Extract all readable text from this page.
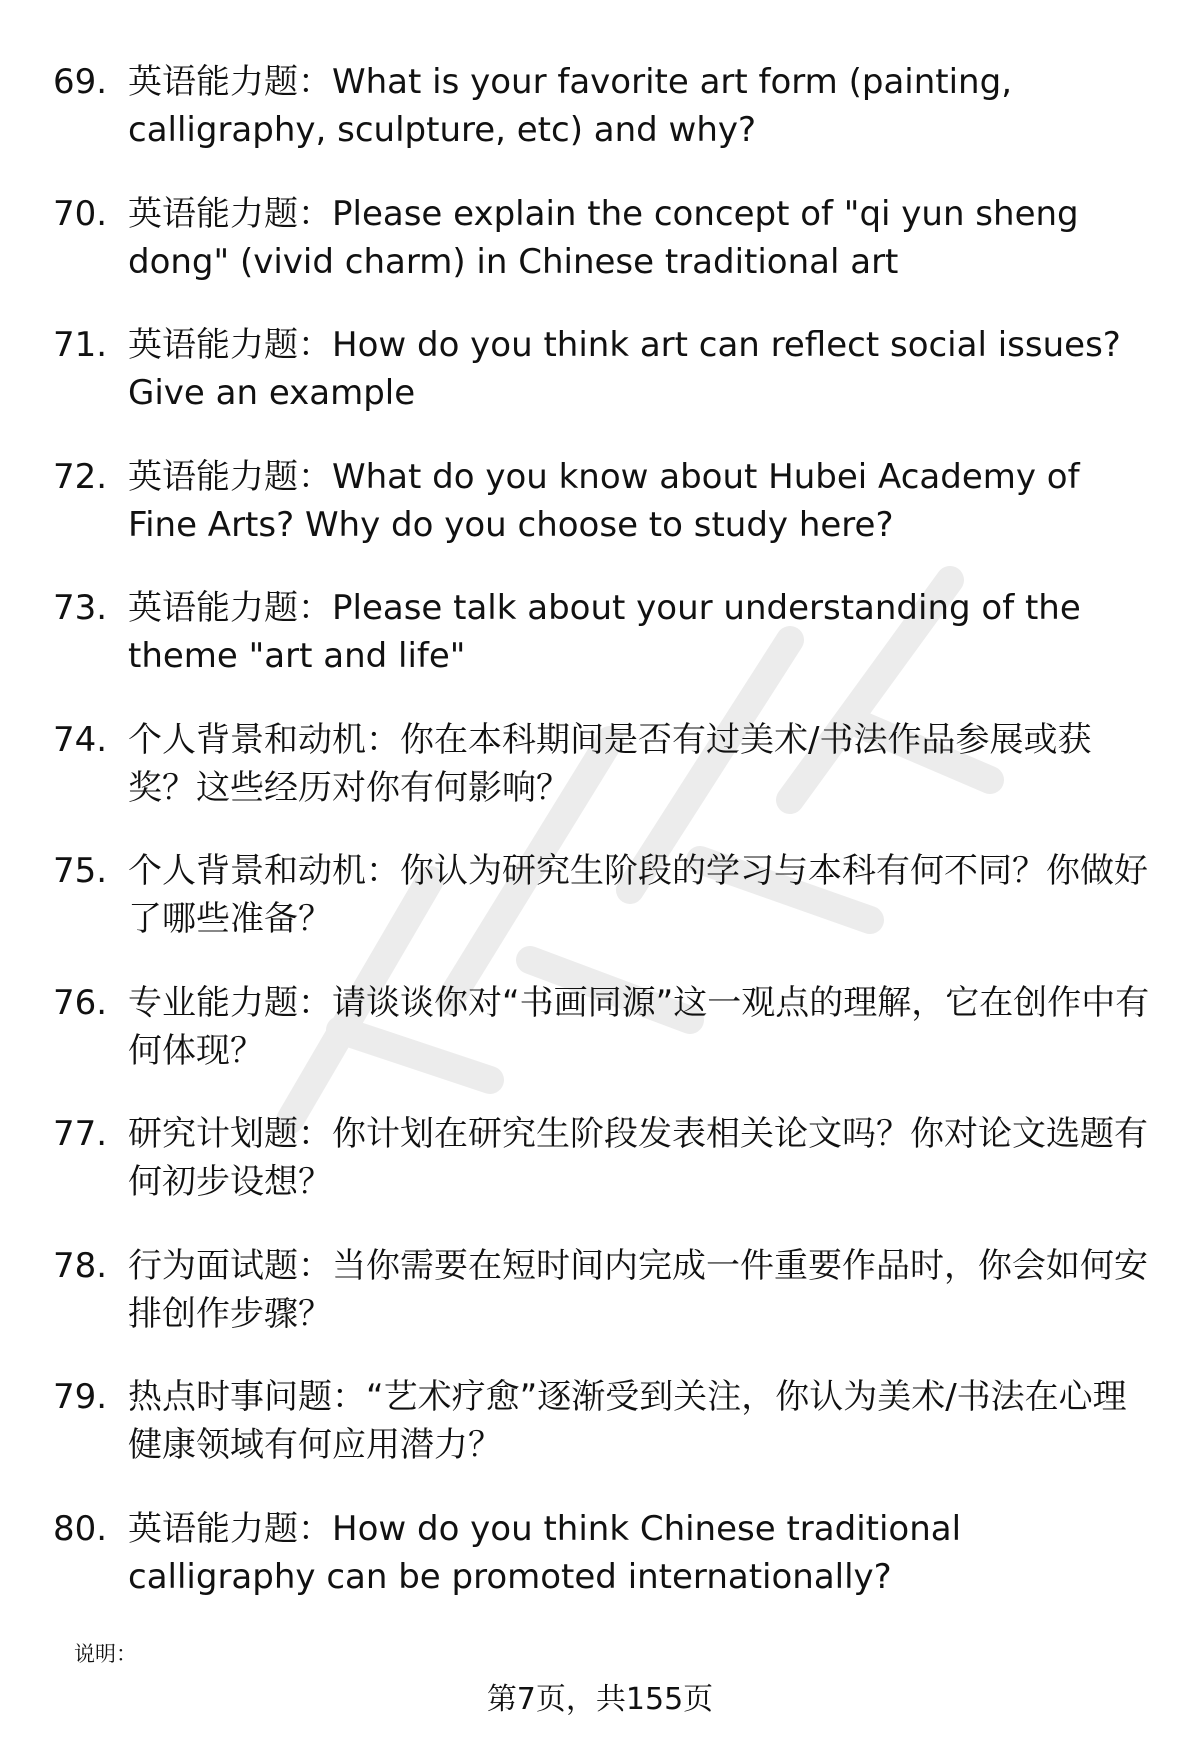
69. 英语能力题：What is your favorite art form (painting, calligraphy, sculpture, etc) and why?
70. 英语能力题：Please explain the concept of "qi yun sheng dong" (vivid charm) in Chinese traditional art
71. 英语能力题：How do you think art can reflect social issues? Give an example
72. 英语能力题：What do you know about Hubei Academy of Fine Arts? Why do you choose to study here?
73. 英语能力题：Please talk about your understanding of the theme "art and life"
74. 个人背景和动机：你在本科期间是否有过美术/书法作品参展或获奖？这些经历对你有何影响？
75. 个人背景和动机：你认为研究生阶段的学习与本科有何不同？你做好了哪些准备？
76. 专业能力题：请谈谈你对“书画同源”这一观点的理解，它在创作中有何体现？
77. 研究计划题：你计划在研究生阶段发表相关论文吗？你对论文选题有何初步设想？
78. 行为面试题：当你需要在短时间内完成一件重要作品时，你会如何安排创作步骤？
79. 热点时事问题：“艺术疗愈”逐渐受到关注，你认为美术/书法在心理健康领域有何应用潜力？
80. 英语能力题：How do you think Chinese traditional calligraphy can be promoted internationally?
说明：
第7页，共155页
